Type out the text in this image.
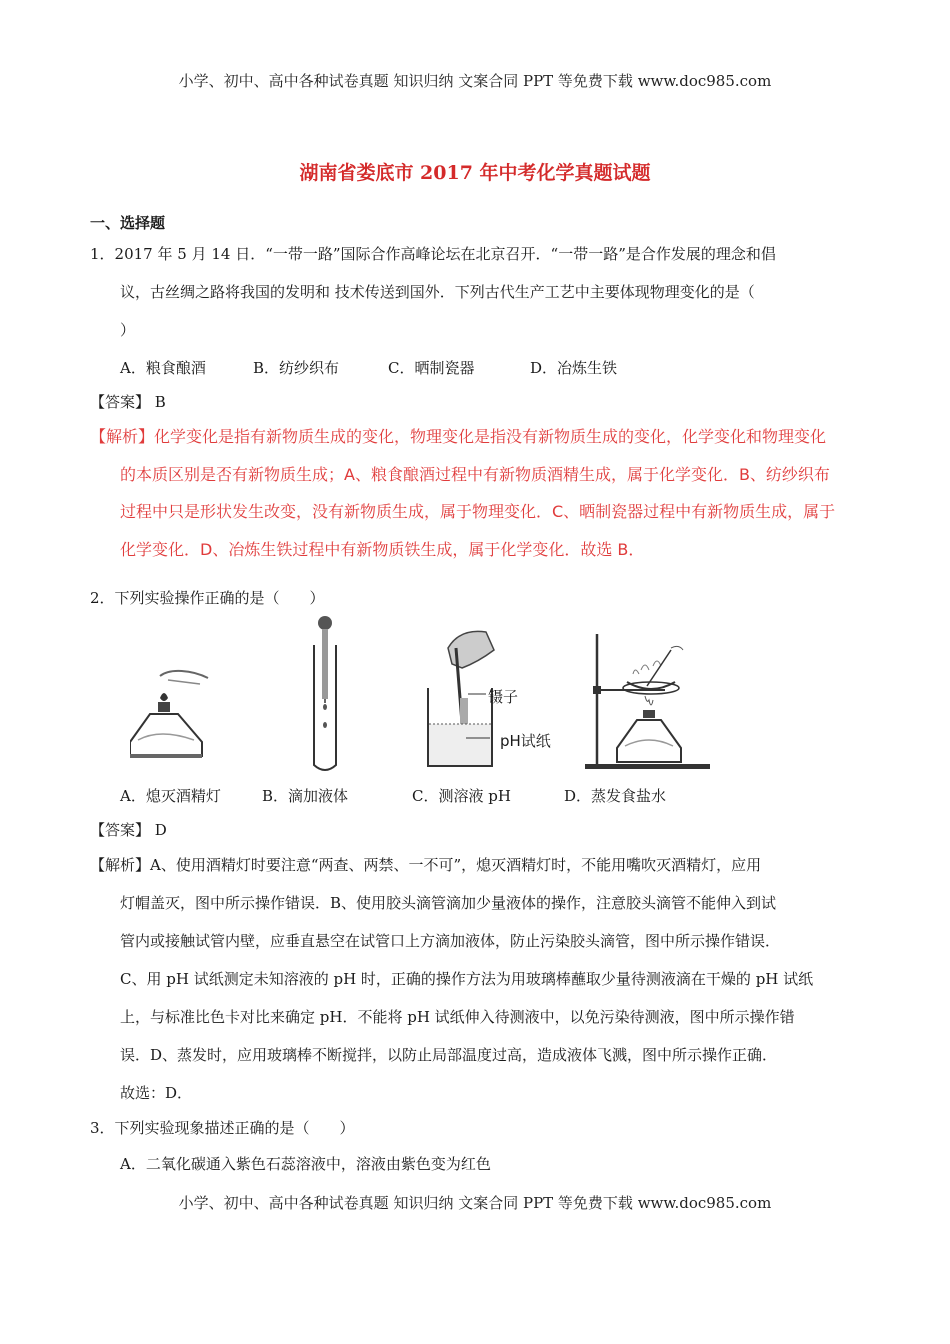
小学、初中、高中各种试卷真题 知识归纳 文案合同 PPT 等免费下载 www.doc985.com
湖南省娄底市 2017 年中考化学真题试题
一、选择题
1．2017 年 5 月 14 日．“一带一路”国际合作高峰论坛在北京召开．“一带一路”是合作发展的理念和倡
议，古丝绸之路将我国的发明和 技术传送到国外．下列古代生产工艺中主要体现物理变化的是（
）
A．粮食酿酒	B．纺纱织布	C．晒制瓷器	D．冶炼生铁
【答案】 B
【解析】化学变化是指有新物质生成的变化，物理变化是指没有新物质生成的变化，化学变化和物理变化
的本质区别是否有新物质生成；A、粮食酿酒过程中有新物质酒精生成，属于化学变化．B、纺纱织布
过程中只是形状发生改变，没有新物质生成，属于物理变化．C、晒制瓷器过程中有新物质生成，属于
化学变化．D、冶炼生铁过程中有新物质铁生成，属于化学变化．故选 B．
2．下列实验操作正确的是（　　）
镊子
pH试纸
A．熄灭酒精灯	B．滴加液体	C．测溶液 pH	D．蒸发食盐水
【答案】 D
【解析】A、使用酒精灯时要注意“两查、两禁、一不可”，熄灭酒精灯时，不能用嘴吹灭酒精灯，应用
灯帽盖灭，图中所示操作错误．B、使用胶头滴管滴加少量液体的操作，注意胶头滴管不能伸入到试
管内或接触试管内壁，应垂直悬空在试管口上方滴加液体，防止污染胶头滴管，图中所示操作错误．
C、用 pH 试纸测定未知溶液的 pH 时，正确的操作方法为用玻璃棒蘸取少量待测液滴在干燥的 pH 试纸
上，与标准比色卡对比来确定 pH．不能将 pH 试纸伸入待测液中，以免污染待测液，图中所示操作错
误．D、蒸发时，应用玻璃棒不断搅拌，以防止局部温度过高，造成液体飞溅，图中所示操作正确．
故选：D．
3．下列实验现象描述正确的是（　　）
A．二氧化碳通入紫色石蕊溶液中，溶液由紫色变为红色
小学、初中、高中各种试卷真题 知识归纳 文案合同 PPT 等免费下载 www.doc985.com
